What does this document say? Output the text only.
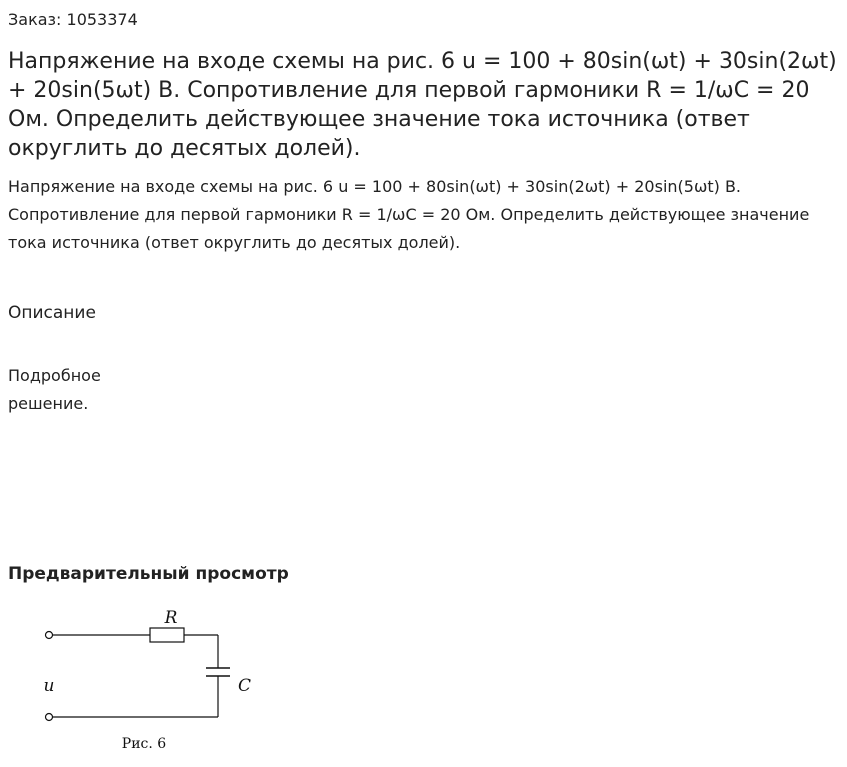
Заказ: 1053374
Напряжение на входе схемы на рис. 6 u = 100 + 80sin(ωt) + 30sin(2ωt) + 20sin(5ωt) В. Сопротивление для первой гармоники R = 1/ωC = 20 Ом. Определить действующее значение тока источника (ответ округлить до десятых долей).

Напряжение на входе схемы на рис. 6 u = 100 + 80sin(ωt) + 30sin(2ωt) + 20sin(5ωt) В. Сопротивление для первой гармоники R = 1/ωC = 20 Ом. Определить действующее значение тока источника (ответ округлить до десятых долей).

Описание

Подробное решение.

Предварительный просмотр
R
C
u
Рис. 6
